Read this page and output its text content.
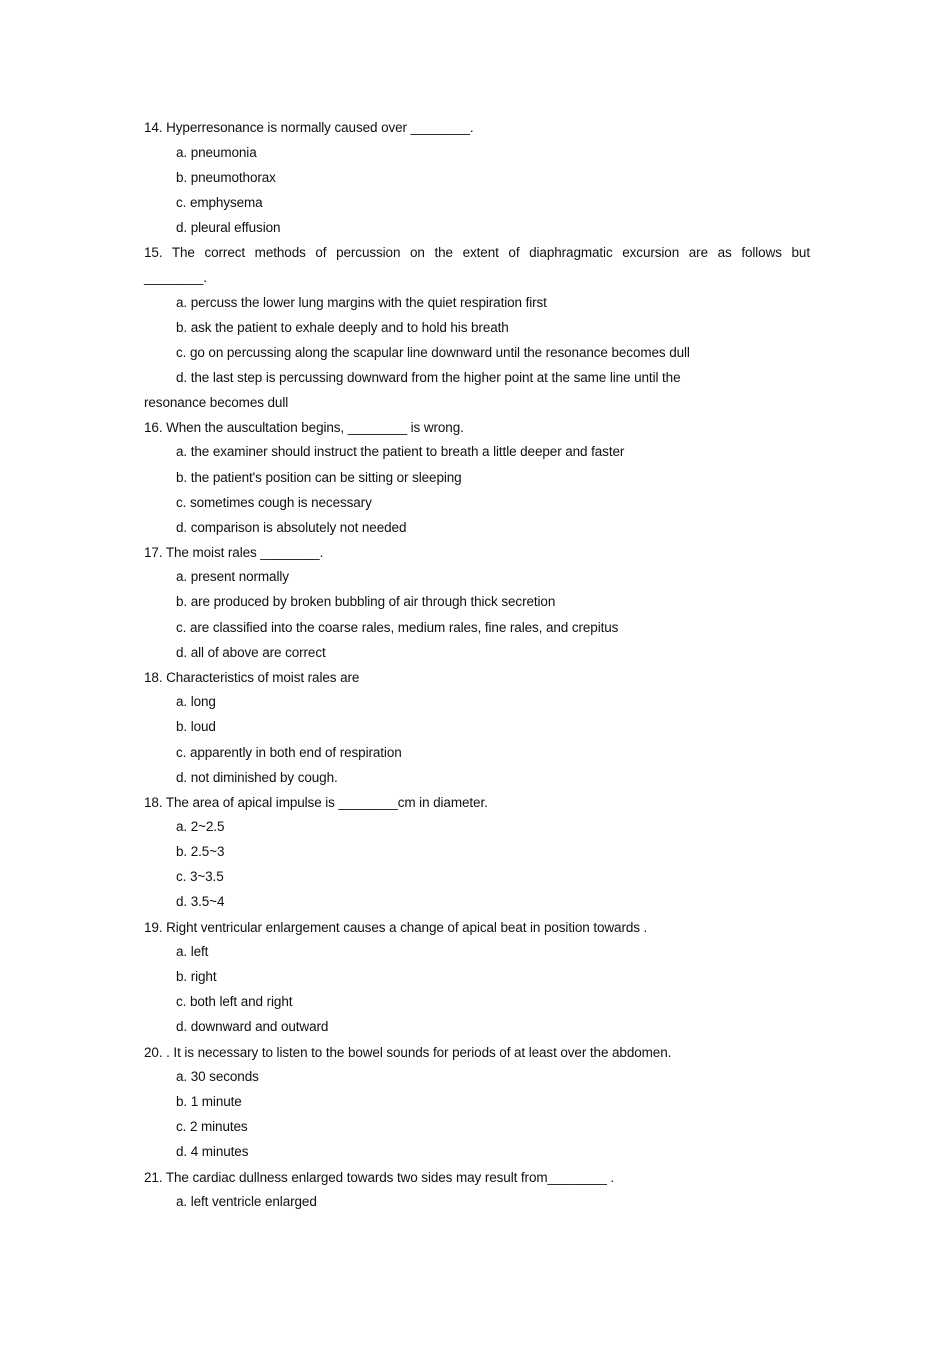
14. Hyperresonance is normally caused over ________.
a. pneumonia
b. pneumothorax
c. emphysema
d. pleural effusion
15. The correct methods of percussion on the extent of diaphragmatic excursion are as follows but
________.
a. percuss the lower lung margins with the quiet respiration first
b. ask the patient to exhale deeply and to hold his breath
c. go on percussing along the scapular line downward until the resonance becomes dull
d. the last step is percussing downward from the higher point at the same line until the
resonance becomes dull
16. When the auscultation begins, ________ is wrong.
a. the examiner should instruct the patient to breath a little deeper and faster
b. the patient's position can be sitting or sleeping
c. sometimes cough is necessary
d. comparison is absolutely not needed
17. The moist rales ________.
a. present normally
b. are produced by broken bubbling of air through thick secretion
c. are classified into the coarse rales, medium rales, fine rales, and crepitus
d. all of above are correct
18. Characteristics of moist rales are
a. long
b. loud
c. apparently in both end of respiration
d. not diminished by cough.
18. The area of apical impulse is ________cm in diameter.
a. 2~2.5
b. 2.5~3
c. 3~3.5
d. 3.5~4
19. Right ventricular enlargement causes a change of apical beat in position towards .
a. left
b. right
c. both left and right
d. downward and outward
20. . It is necessary to listen to the bowel sounds for periods of at least over the abdomen.
a. 30 seconds
b. 1 minute
c. 2 minutes
d. 4 minutes
21. The cardiac dullness enlarged towards two sides may result from________ .
a. left ventricle enlarged
